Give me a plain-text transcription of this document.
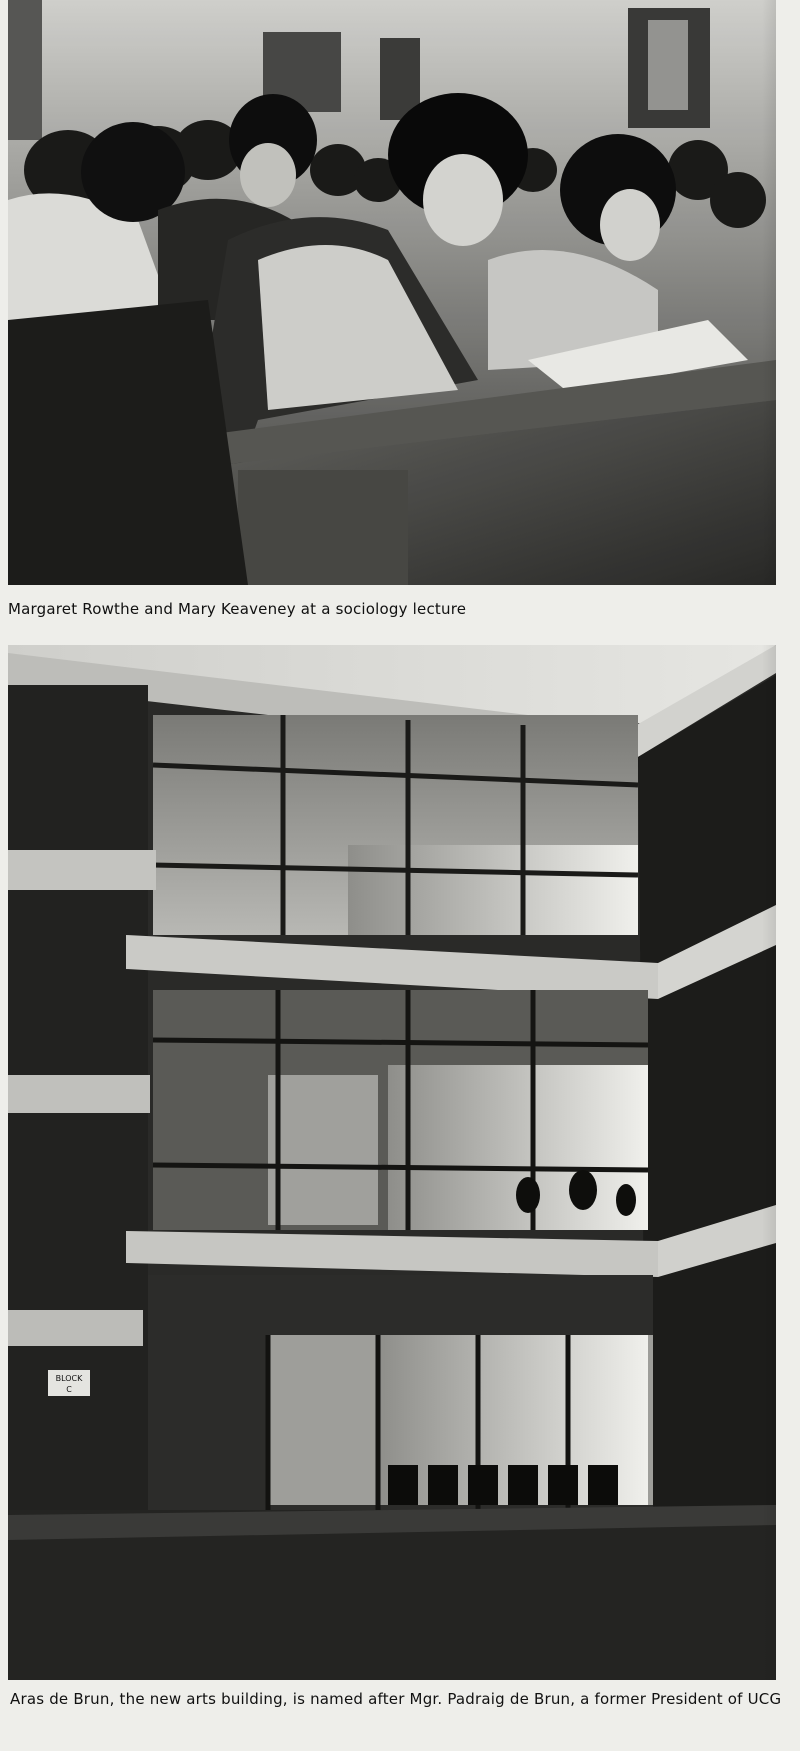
Margaret Rowthe and Mary Keaveney at a sociology lecture
BLOCK
C
Aras de Brun, the new arts building, is named after Mgr. Padraig de Brun, a former President of UCG
